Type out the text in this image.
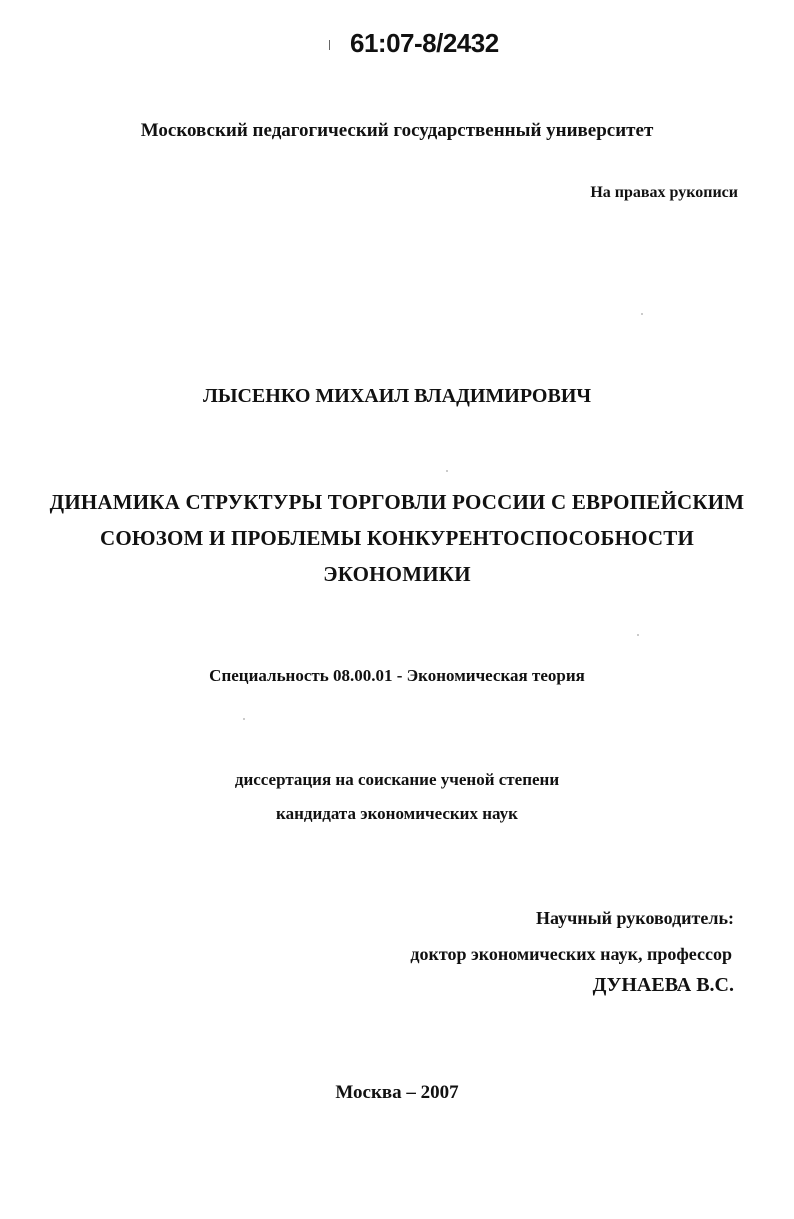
61:07-8/2432
Московский педагогический государственный университет
На правах рукописи
ЛЫСЕНКО МИХАИЛ ВЛАДИМИРОВИЧ
ДИНАМИКА СТРУКТУРЫ ТОРГОВЛИ РОССИИ С ЕВРОПЕЙСКИМ
СОЮЗОМ И ПРОБЛЕМЫ КОНКУРЕНТОСПОСОБНОСТИ
ЭКОНОМИКИ
Специальность 08.00.01 - Экономическая теория
диссертация на соискание ученой степени
кандидата экономических наук
Научный руководитель:
доктор экономических наук, профессор
ДУНАЕВА В.С.
Москва – 2007
